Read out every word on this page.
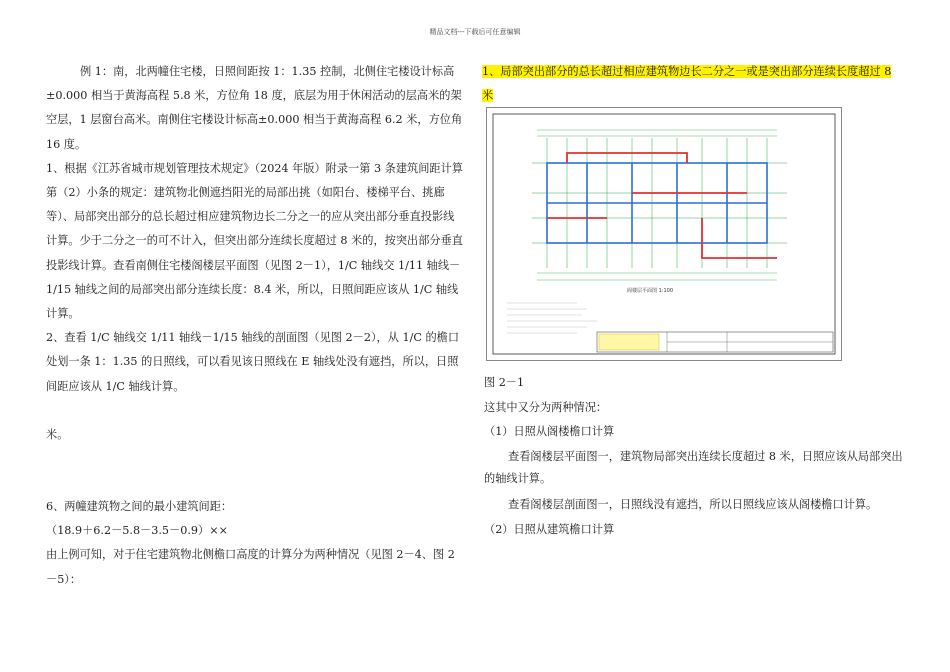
精品文档---下载后可任意编辑

例 1：南，北两幢住宅楼，日照间距按 1：1.35 控制，北侧住宅楼设计标高±0.000 相当于黄海高程 5.8 米，方位角 18 度，底层为用于休闲活动的层高米的架空层，1 层窗台高米。南侧住宅楼设计标高±0.000 相当于黄海高程 6.2 米，方位角 16 度。

1、根据《江苏省城市规划管理技术规定》（2024 年版）附录一第 3 条建筑间距计算第（2）小条的规定：建筑物北侧遮挡阳光的局部出挑（如阳台、楼梯平台、挑廊等）、局部突出部分的总长超过相应建筑物边长二分之一的应从突出部分垂直投影线计算。少于二分之一的可不计入，但突出部分连续长度超过 8 米的，按突出部分垂直投影线计算。查看南侧住宅楼阁楼层平面图（见图 2－1），1/C 轴线交 1/11 轴线－1/15 轴线之间的局部突出部分连续长度：8.4 米，所以，日照间距应该从 1/C 轴线计算。

2、查看 1/C 轴线交 1/11 轴线－1/15 轴线的剖面图（见图 2－2），从 1/C 的檐口处划一条 1：1.35 的日照线，可以看见该日照线在 E 轴线处没有遮挡，所以，日照间距应该从 1/C 轴线计算。

米。

6、两幢建筑物之间的最小建筑间距：

（18.9＋6.2－5.8－3.5－0.9）××

由上例可知，对于住宅建筑物北侧檐口高度的计算分为两种情况（见图 2－4、图 2－5）：

1、局部突出部分的总长超过相应建筑物边长二分之一或是突出部分连续长度超过 8 米

阁楼层平面图 1:100
图 2－1
这其中又分为两种情况：
（1）日照从阁楼檐口计算
查看阁楼层平面图一，建筑物局部突出连续长度超过 8 米，日照应该从局部突出的轴线计算。
查看阁楼层剖面图一，日照线没有遮挡，所以日照线应该从阁楼檐口计算。
（2）日照从建筑檐口计算
